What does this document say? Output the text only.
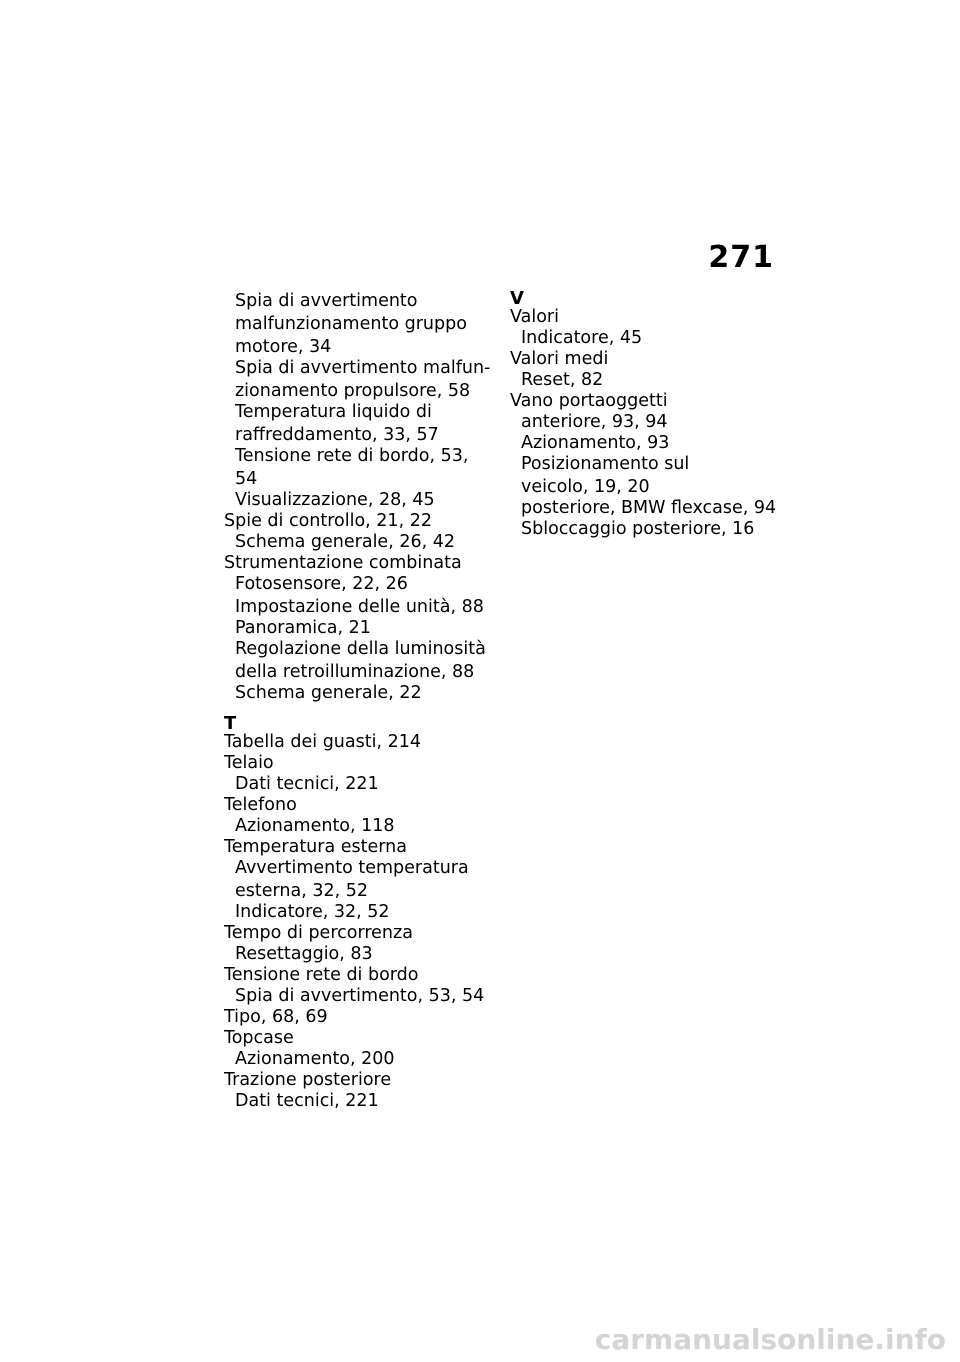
271
Spia di avvertimento
malfunzionamento gruppo
motore, 34
Spia di avvertimento malfun-
zionamento propulsore, 58
Temperatura liquido di
raffreddamento, 33, 57
Tensione rete di bordo, 53,
54
Visualizzazione, 28, 45
Spie di controllo, 21, 22
Schema generale, 26, 42
Strumentazione combinata
Fotosensore, 22, 26
Impostazione delle unità, 88
Panoramica, 21
Regolazione della luminosità
della retroilluminazione, 88
Schema generale, 22
T
Tabella dei guasti, 214
Telaio
Dati tecnici, 221
Telefono
Azionamento, 118
Temperatura esterna
Avvertimento temperatura
esterna, 32, 52
Indicatore, 32, 52
Tempo di percorrenza
Resettaggio, 83
Tensione rete di bordo
Spia di avvertimento, 53, 54
Tipo, 68, 69
Topcase
Azionamento, 200
Trazione posteriore
Dati tecnici, 221
V
Valori
Indicatore, 45
Valori medi
Reset, 82
Vano portaoggetti
anteriore, 93, 94
Azionamento, 93
Posizionamento sul
veicolo, 19, 20
posteriore, BMW flexcase, 94
Sbloccaggio posteriore, 16
carmanualsonline.info
